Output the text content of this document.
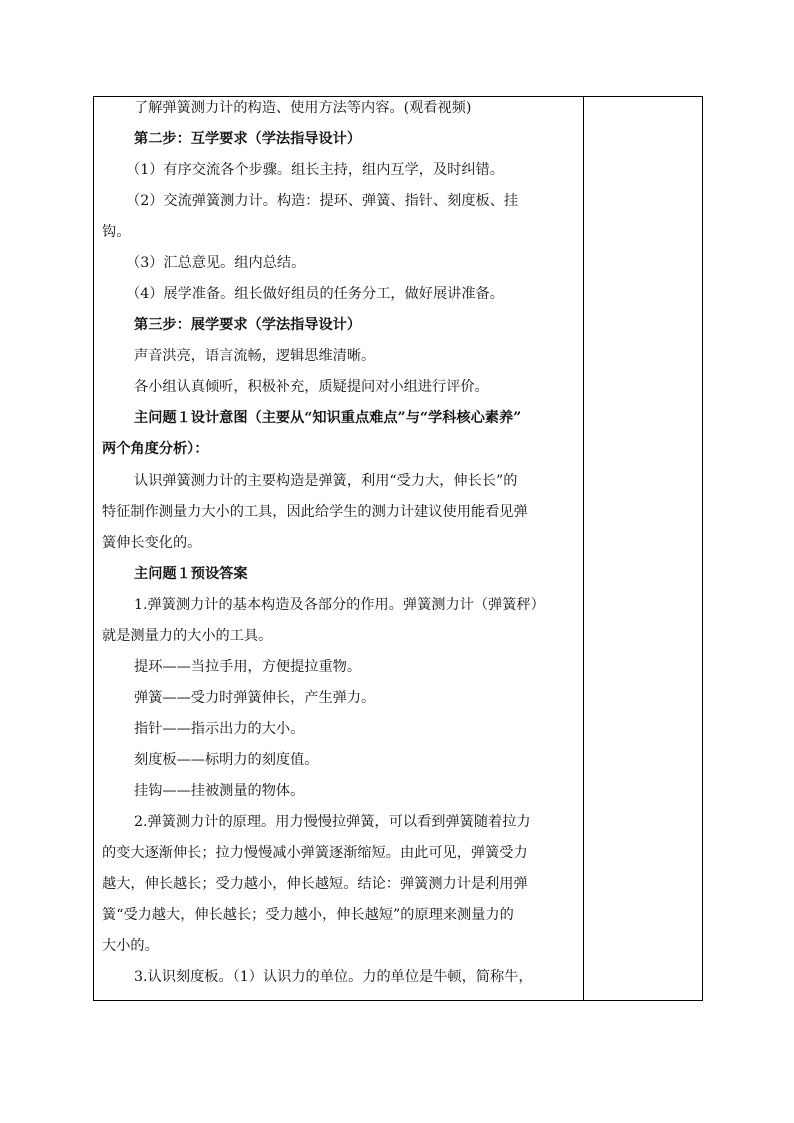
了解弹簧测力计的构造、使用方法等内容。(观看视频)
第二步：互学要求（学法指导设计）
（1）有序交流各个步骤。组长主持，组内互学，及时纠错。
（2）交流弹簧测力计。构造：提环、弹簧、指针、刻度板、挂
钩。
（3）汇总意见。组内总结。
（4）展学准备。组长做好组员的任务分工，做好展讲准备。
第三步：展学要求（学法指导设计）
声音洪亮，语言流畅，逻辑思维清晰。
各小组认真倾听，积极补充，质疑提问对小组进行评价。
主问题１设计意图（主要从“知识重点难点”与“学科核心素养”
两个角度分析）：
认识弹簧测力计的主要构造是弹簧，利用“受力大，伸长长”的
特征制作测量力大小的工具，因此给学生的测力计建议使用能看见弹
簧伸长变化的。
主问题１预设答案
1.弹簧测力计的基本构造及各部分的作用。弹簧测力计（弹簧秤）
就是测量力的大小的工具。
提环——当拉手用，方便提拉重物。
弹簧——受力时弹簧伸长，产生弹力。
指针——指示出力的大小。
刻度板——标明力的刻度值。
挂钩——挂被测量的物体。
2.弹簧测力计的原理。用力慢慢拉弹簧，可以看到弹簧随着拉力
的变大逐渐伸长；拉力慢慢减小弹簧逐渐缩短。由此可见，弹簧受力
越大，伸长越长；受力越小，伸长越短。结论：弹簧测力计是利用弹
簧“受力越大，伸长越长；受力越小，伸长越短”的原理来测量力的
大小的。
3.认识刻度板。（1）认识力的单位。力的单位是牛顿，简称牛，
